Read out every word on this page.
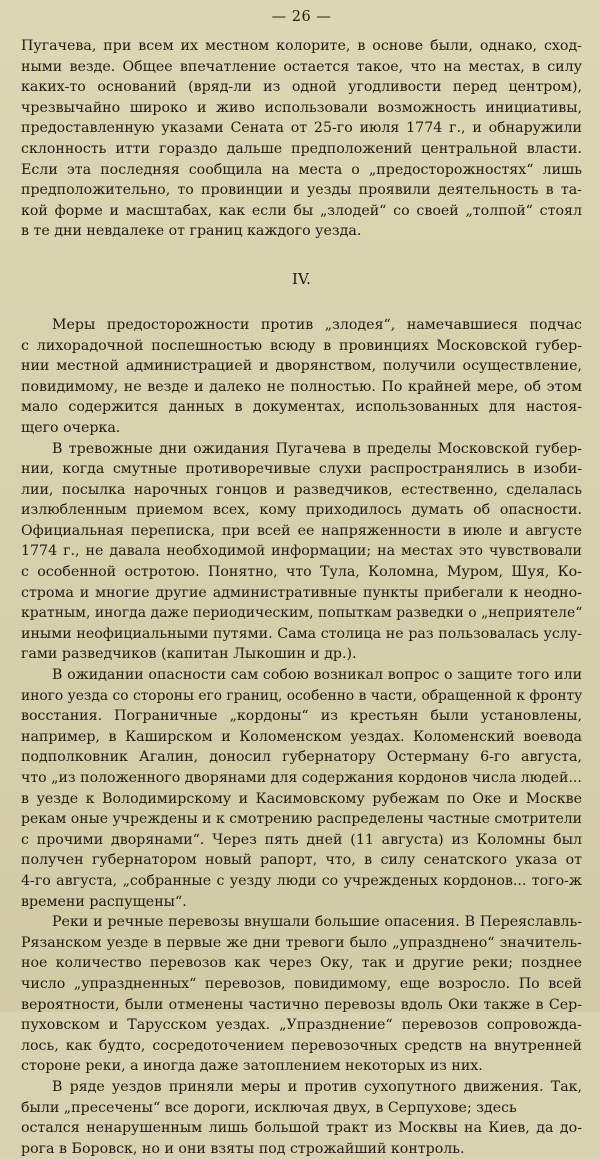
— 26 —
Пугачева, при всем их местном колорите, в основе были, однако, сход-
ными везде. Общее впечатление остается такое, что на местах, в силу
каких-то оснований (вряд-ли из одной угодливости перед центром),
чрезвычайно широко и живо использовали возможность инициативы,
предоставленную указами Сената от 25-го июля 1774 г., и обнаружили
склонность итти гораздо дальше предположений центральной власти.
Если эта последняя сообщила на места о „предосторожностях“ лишь
предположительно, то провинции и уезды проявили деятельность в та-
кой форме и масштабах, как если бы „злодей“ со своей „толпой“ стоял
в те дни невдалеке от границ каждого уезда.
IV.
Меры предосторожности против „злодея“, намечавшиеся подчас
с лихорадочной поспешностью всюду в провинциях Московской губер-
нии местной администрацией и дворянством, получили осуществление,
повидимому, не везде и далеко не полностью. По крайней мере, об этом
мало содержится данных в документах, использованных для настоя-
щего очерка.
В тревожные дни ожидания Пугачева в пределы Московской губер-
нии, когда смутные противоречивые слухи распространялись в изоби-
лии, посылка нарочных гонцов и разведчиков, естественно, сделалась
излюбленным приемом всех, кому приходилось думать об опасности.
Официальная переписка, при всей ее напряженности в июле и августе
1774 г., не давала необходимой информации; на местах это чувствовали
с особенной остротою. Понятно, что Тула, Коломна, Муром, Шуя, Ко-
строма и многие другие административные пункты прибегали к неодно-
кратным, иногда даже периодическим, попыткам разведки о „неприятеле“
иными неофициальными путями. Сама столица не раз пользовалась услу-
гами разведчиков (капитан Лыкошин и др.).
В ожидании опасности сам собою возникал вопрос о защите того или
иного уезда со стороны его границ, особенно в части, обращенной к фронту
восстания. Пограничные „кордоны“ из крестьян были установлены,
например, в Каширском и Коломенском уездах. Коломенский воевода
подполковник Агалин, доносил губернатору Остерману 6-го августа,
что „из положенного дворянами для содержания кордонов числа людей...
в уезде к Володимирскому и Касимовскому рубежам по Оке и Москве
рекам оные учреждены и к смотрению распределены частные смотрители
с прочими дворянами“. Через пять дней (11 августа) из Коломны был
получен губернатором новый рапорт, что, в силу сенатского указа от
4-го августа, „собранные с уезду люди со учрежденых кордонов... того-ж
времени распущены“.
Реки и речные перевозы внушали большие опасения. В Переяславль-
Рязанском уезде в первые же дни тревоги было „упразднено“ значитель-
ное количество перевозов как через Оку, так и другие реки; позднее
число „упраздненных“ перевозов, повидимому, еще возросло. По всей
вероятности, были отменены частично перевозы вдоль Оки также в Сер-
пуховском и Тарусском уездах. „Упразднение“ перевозов сопровожда-
лось, как будто, сосредоточением перевозочных средств на внутренней
стороне реки, а иногда даже затоплением некоторых из них.
В ряде уездов приняли меры и против сухопутного движения. Так,
были „пресечены“ все дороги, исключая двух, в Серпухове; здесь
остался ненарушенным лишь большой тракт из Москвы на Киев, да до-
рога в Боровск, но и они взяты под строжайший контроль.
